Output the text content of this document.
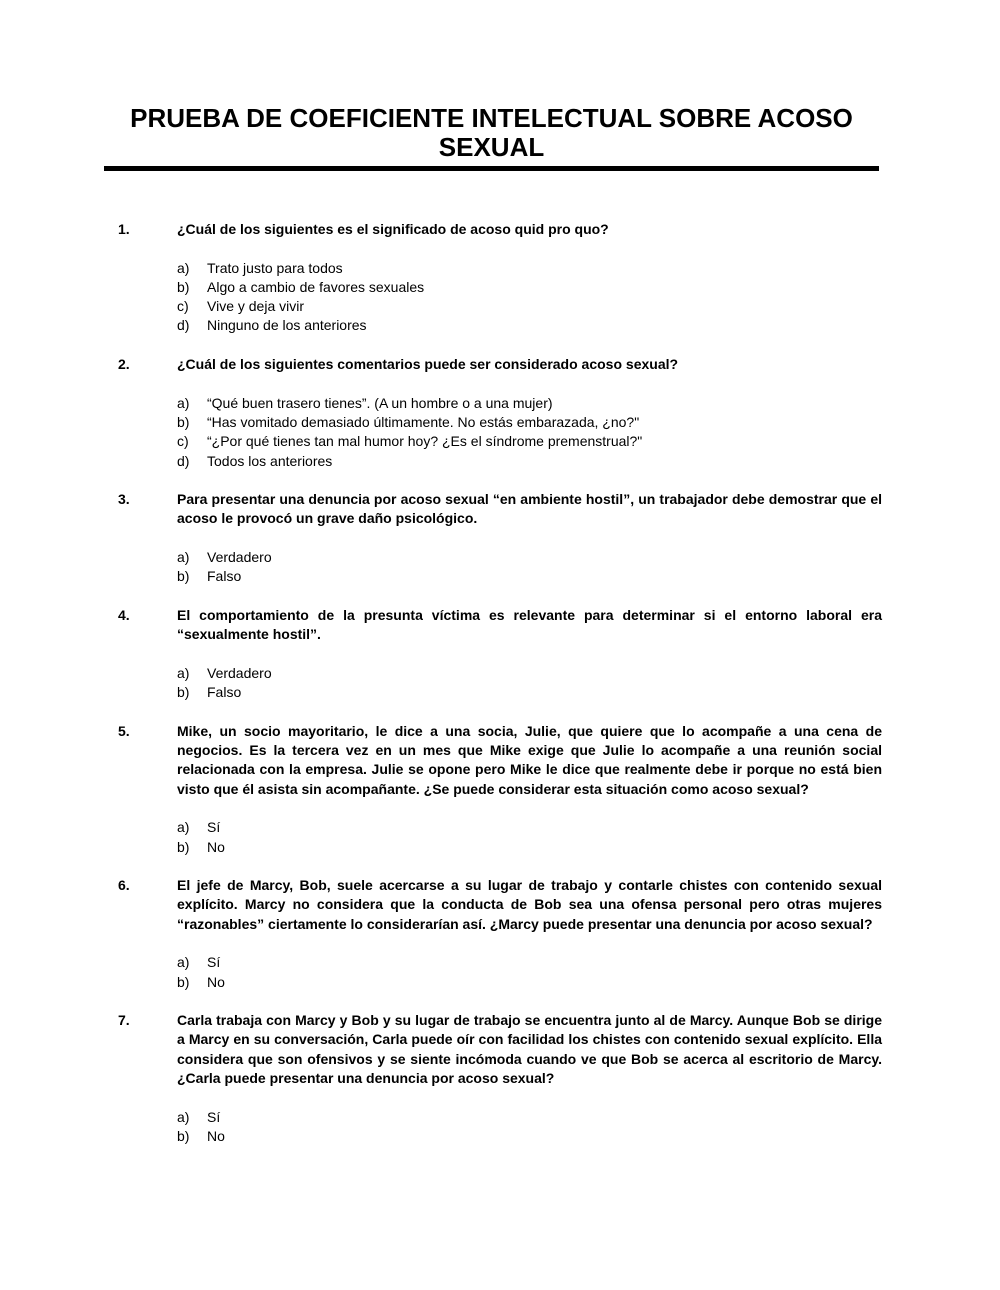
PRUEBA DE COEFICIENTE INTELECTUAL SOBRE ACOSO SEXUAL
1.	¿Cuál de los siguientes es el significado de acoso quid pro quo?

a)	Trato justo para todos
b)	Algo a cambio de favores sexuales
c)	Vive y deja vivir
d)	Ninguno de los anteriores
2.	¿Cuál de los siguientes comentarios puede ser considerado acoso sexual?

a)	“Qué buen trasero tienes”. (A un hombre o a una mujer)
b)	“Has vomitado demasiado últimamente. No estás embarazada, ¿no?"
c)	“¿Por qué tienes tan mal humor hoy? ¿Es el síndrome premenstrual?"
d)	Todos los anteriores
3.	Para presentar una denuncia por acoso sexual “en ambiente hostil”, un trabajador debe demostrar que el acoso le provocó un grave daño psicológico.

a)	Verdadero
b)	Falso
4.	El comportamiento de la presunta víctima es relevante para determinar si el entorno laboral era “sexualmente hostil”.

a)	Verdadero
b)	Falso
5.	Mike, un socio mayoritario, le dice a una socia, Julie, que quiere que lo acompañe a una cena de negocios. Es la tercera vez en un mes que Mike exige que Julie lo acompañe a una reunión social relacionada con la empresa. Julie se opone pero Mike le dice que realmente debe ir porque no está bien visto que él asista sin acompañante. ¿Se puede considerar esta situación como acoso sexual?

a)	Sí
b)	No
6.	El jefe de Marcy, Bob, suele acercarse a su lugar de trabajo y contarle chistes con contenido sexual explícito. Marcy no considera que la conducta de Bob sea una ofensa personal pero otras mujeres “razonables” ciertamente lo considerarían así. ¿Marcy puede presentar una denuncia por acoso sexual?

a)	Sí
b)	No
7.	Carla trabaja con Marcy y Bob y su lugar de trabajo se encuentra junto al de Marcy. Aunque Bob se dirige a Marcy en su conversación, Carla puede oír con facilidad los chistes con contenido sexual explícito. Ella considera que son ofensivos y se siente incómoda cuando ve que Bob se acerca al escritorio de Marcy. ¿Carla puede presentar una denuncia por acoso sexual?

a)	Sí
b)	No
